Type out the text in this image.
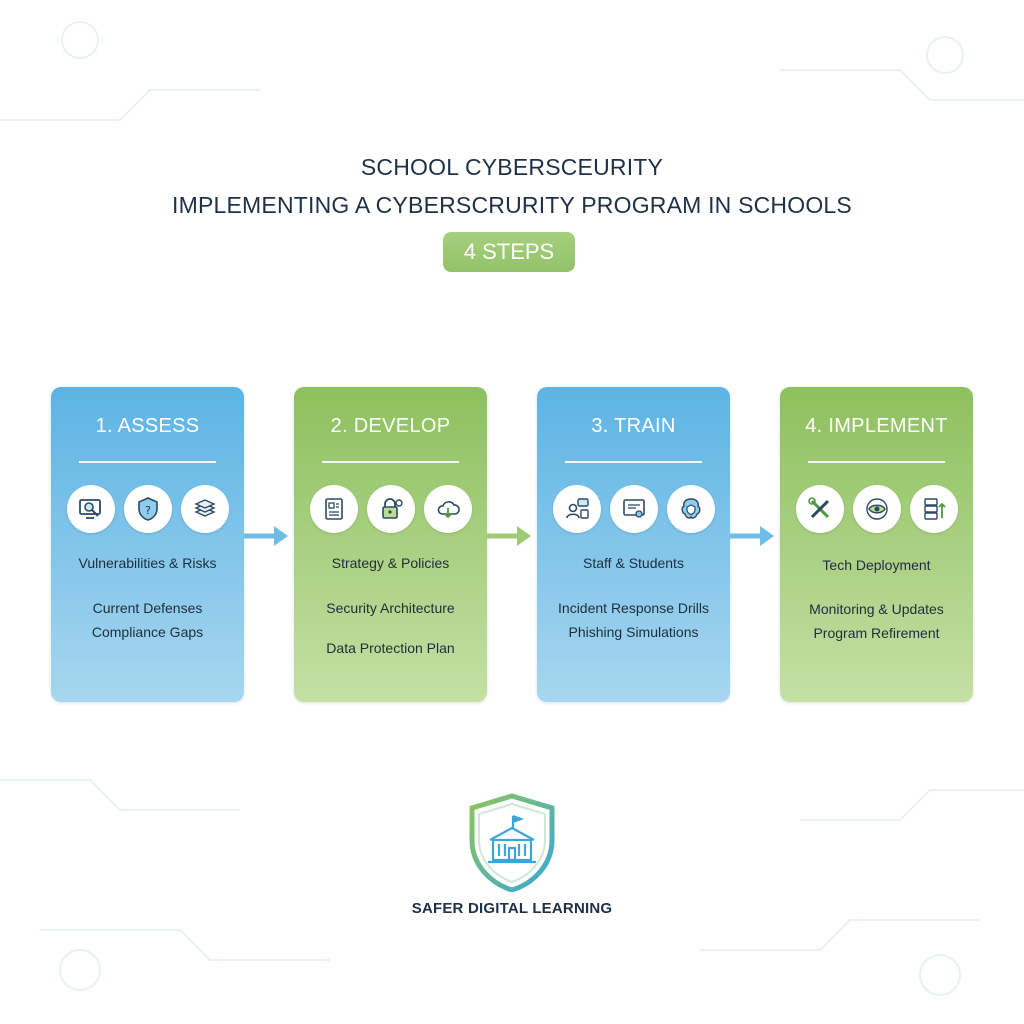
SCHOOL CYBERSCEURITY
IMPLEMENTING A CYBERSCRURITY PROGRAM IN SCHOOLS
4 STEPS
1. ASSESS
?
Vulnerabilities & Risks
Current Defenses
Compliance Gaps
2. DEVELOP
Strategy & Policies
Security Architecture
Data Protection Plan
3. TRAIN
Staff & Students
Incident Response Drills
Phishing Simulations
4. IMPLEMENT
Tech Deployment
Monitoring & Updates
Program Refirement
SAFER DIGITAL LEARNING
